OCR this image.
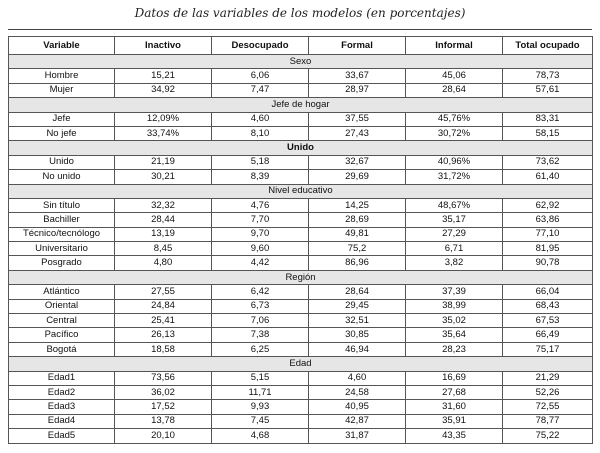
Datos de las variables de los modelos (en porcentajes)
Variable	Inactivo	Desocupado	Formal	Informal	Total ocupado
Sexo					
Hombre	15,21	6,06	33,67	45,06	78,73
Mujer	34,92	7,47	28,97	28,64	57,61
Jefe de hogar					
Jefe	12,09%	4,60	37,55	45,76%	83,31
No jefe	33,74%	8,10	27,43	30,72%	58,15
Unido					
Unido	21,19	5,18	32,67	40,96%	73,62
No unido	30,21	8,39	29,69	31,72%	61,40
Nivel educativo					
Sin título	32,32	4,76	14,25	48,67%	62,92
Bachiller	28,44	7,70	28,69	35,17	63,86
Técnico/tecnólogo	13,19	9,70	49,81	27,29	77,10
Universitario	8,45	9,60	75,2	6,71	81,95
Posgrado	4,80	4,42	86,96	3,82	90,78
Región					
Atlántico	27,55	6,42	28,64	37,39	66,04
Oriental	24,84	6,73	29,45	38,99	68,43
Central	25,41	7,06	32,51	35,02	67,53
Pacífico	26,13	7,38	30,85	35,64	66,49
Bogotá	18,58	6,25	46,94	28,23	75,17
Edad					
Edad1	73,56	5,15	4,60	16,69	21,29
Edad2	36,02	11,71	24,58	27,68	52,26
Edad3	17,52	9,93	40,95	31,60	72,55
Edad4	13,78	7,45	42,87	35,91	78,77
Edad5	20,10	4,68	31,87	43,35	75,22
